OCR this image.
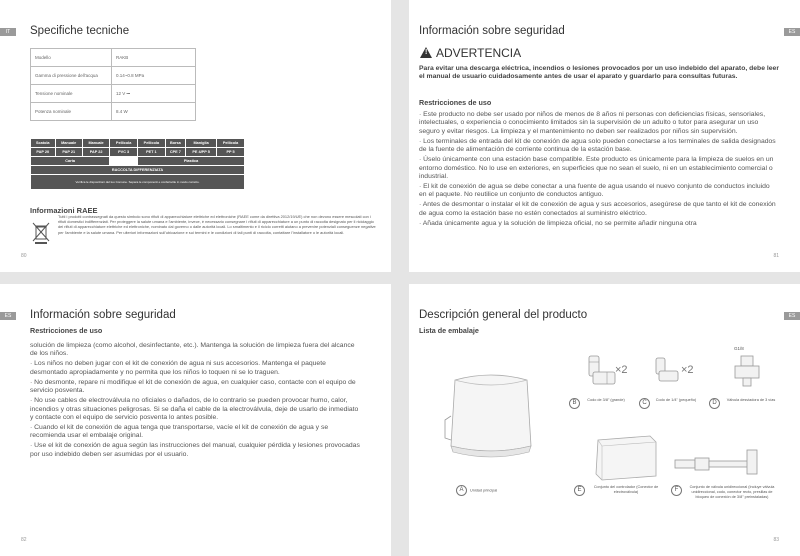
IT	Specifiche tecniche
Modello	RAKB
Gamma di pressione dell'acqua	0.14~0.8 MPa
Tensione nominale	12 V ⎓
Potenza nominale	8.4 W
Scatola	Manuale	Manuale	Pellicola	Pellicola	Borsa	Maniglia	Pellicola
PAP 20	PAP 21	PAP 22	PVC 3	PET 1	CPE 7	PE 4/PP 5	PP 5
Carta				Plastica			
RACCOLTA DIFFERENZIATA							
Verifica le disposizioni del tuo Comune. Separa le componenti e conferiscile in modo corretto.							
Informazioni RAEE
Tutti i prodotti contrassegnati da questo simbolo sono rifiuti di apparecchiature elettriche ed elettroniche (RAEE come da direttiva 2012/19/UE) che non devono essere mescolati con i rifiuti domestici indifferenziati. Per proteggere la salute umana e l'ambiente, invece, è necessario consegnare i rifiuti di apparecchiature a un punto di raccolta designato per il riciclaggio dei rifiuti di apparecchiature elettriche ed elettroniche, nominato dal governo o dalle autorità locali. Lo smaltimento e il riciclo corretti aiutano a prevenire potenziali conseguenze negative per l'ambiente e la salute umana. Per ulteriori informazioni sull'ubicazione e sui termini e le condizioni di tali punti di raccolta, contattare l'installatore o le autorità locali.
80
ES
Información sobre seguridad
! ADVERTENCIA
Para evitar una descarga eléctrica, incendios o lesiones provocados por un uso indebido del aparato, debe leer el manual de usuario cuidadosamente antes de usar el aparato y guardarlo para consultas futuras.
Restricciones de uso

· Este producto no debe ser usado por niños de menos de 8 años ni personas con deficiencias físicas, sensoriales, intelectuales, o experiencia o conocimiento limitados sin la supervisión de un adulto o tutor para asegurar un uso seguro y evitar riesgos. La limpieza y el mantenimiento no deben ser realizados por niños sin supervisión.

· Los terminales de entrada del kit de conexión de agua solo pueden conectarse a los terminales de salida designados de la fuente de alimentación de corriente continua de la estación base.

· Úselo únicamente con una estación base compatible. Este producto es únicamente para la limpieza de suelos en un entorno doméstico. No lo use en exteriores, en superficies que no sean el suelo, ni en un establecimiento comercial o industrial.

· El kit de conexión de agua se debe conectar a una fuente de agua usando el nuevo conjunto de conductos incluido en el paquete. No reutilice un conjunto de conductos antiguo.

· Antes de desmontar o instalar el kit de conexión de agua y sus accesorios, asegúrese de que tanto el kit de conexión de agua como la estación base no estén conectados al suministro eléctrico.

· Añada únicamente agua y la solución de limpieza oficial, no se permite añadir ninguna otra

81
ES	Información sobre seguridad
Restricciones de uso

solución de limpieza (como alcohol, desinfectante, etc.). Mantenga la solución de limpieza fuera del alcance de los niños.

· Los niños no deben jugar con el kit de conexión de agua ni sus accesorios. Mantenga el paquete desmontado apropiadamente y no permita que los niños lo toquen ni se lo traguen.

· No desmonte, repare ni modifique el kit de conexión de agua, en cualquier caso, contacte con el equipo de servicio posventa.

· No use cables de electroválvula no oficiales o dañados, de lo contrario se pueden provocar humo, calor, incendios y otras situaciones peligrosas. Si se daña el cable de la electroválvula, deje de usarlo de inmediato y contacte con el equipo de servicio posventa lo antes posible.

· Cuando el kit de conexión de agua tenga que transportarse, vacíe el kit de conexión de agua y se recomienda usar el embalaje original.

· Use el kit de conexión de agua según las instrucciones del manual, cualquier pérdida y lesiones provocadas por uso indebido deben ser asumidas por el usuario.

82
ES
Descripción general del producto
Lista de embalaje
A Unidad principal
×2
B	Codo de 3/8" (grande)
×2
C	Codo de 1/4" (pequeño)
G1/8
D	Válvula desviadora de 3 vías
E	Conjunto del controlador (Conector de electroválvula)	F	Conjunto de válvula unidireccional (Incluye válvula unidireccional, codo, conector recto, presillas de bloqueo de conexión de 3/8" preinstaladas)
83
